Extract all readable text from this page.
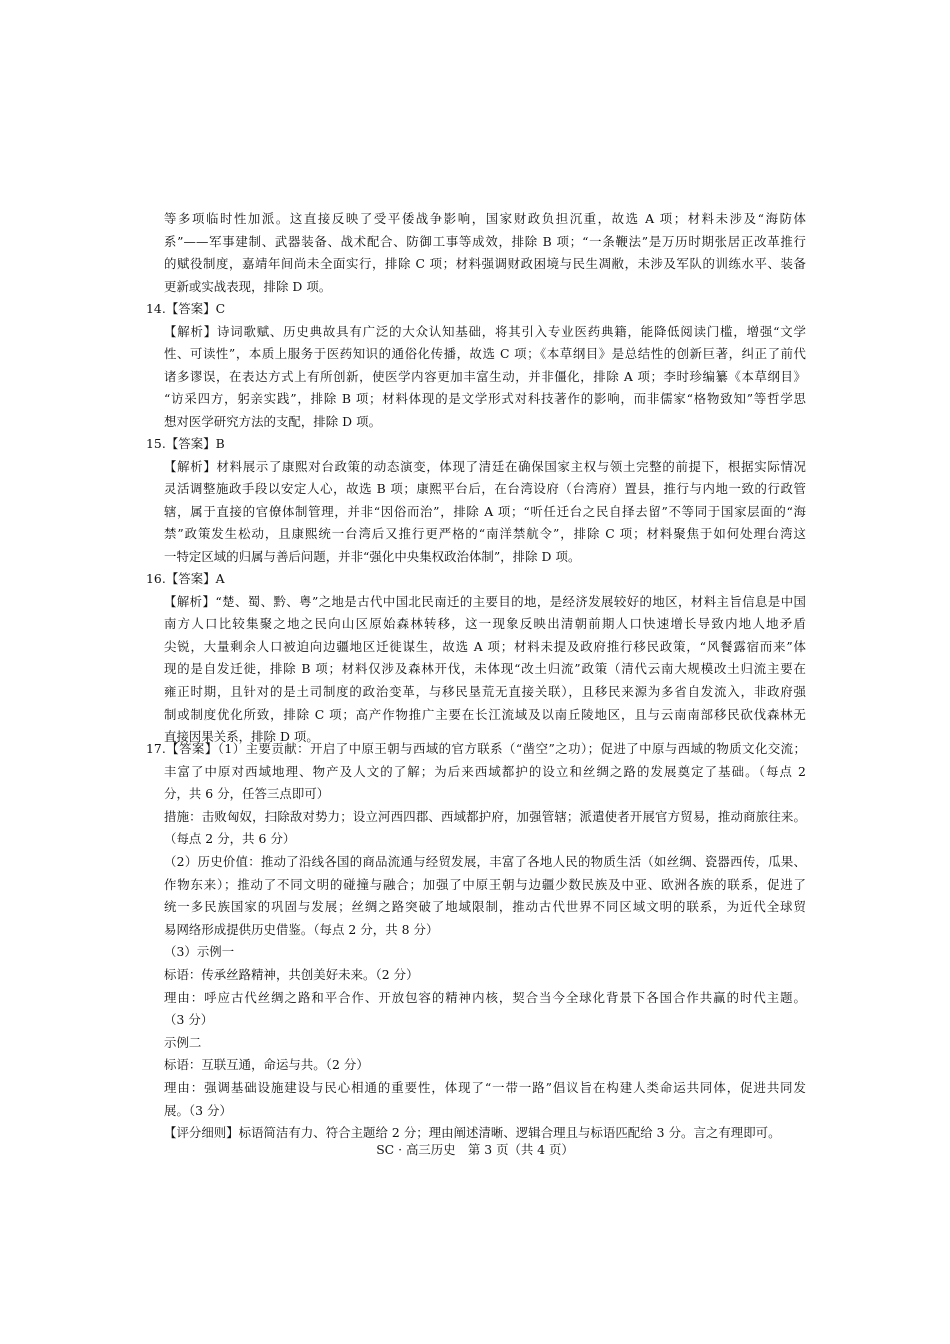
等多项临时性加派。这直接反映了受平倭战争影响，国家财政负担沉重，故选 A 项；材料未涉及“海防体
系”——军事建制、武器装备、战术配合、防御工事等成效，排除 B 项；“一条鞭法”是万历时期张居正改革推行
的赋役制度，嘉靖年间尚未全面实行，排除 C 项；材料强调财政困境与民生凋敝，未涉及军队的训练水平、装备
更新或实战表现，排除 D 项。
14.【答案】C
【解析】诗词歌赋、历史典故具有广泛的大众认知基础，将其引入专业医药典籍，能降低阅读门槛，增强“文学
性、可读性”，本质上服务于医药知识的通俗化传播，故选 C 项；《本草纲目》是总结性的创新巨著，纠正了前代
诸多谬误，在表达方式上有所创新，使医学内容更加丰富生动，并非僵化，排除 A 项；李时珍编纂《本草纲目》
“访采四方，躬亲实践”，排除 B 项；材料体现的是文学形式对科技著作的影响，而非儒家“格物致知”等哲学思
想对医学研究方法的支配，排除 D 项。
15.【答案】B
【解析】材料展示了康熙对台政策的动态演变，体现了清廷在确保国家主权与领土完整的前提下，根据实际情况
灵活调整施政手段以安定人心，故选 B 项；康熙平台后，在台湾设府（台湾府）置县，推行与内地一致的行政管
辖，属于直接的官僚体制管理，并非“因俗而治”，排除 A 项；“听任迁台之民自择去留”不等同于国家层面的“海
禁”政策发生松动，且康熙统一台湾后又推行更严格的“南洋禁航令”，排除 C 项；材料聚焦于如何处理台湾这
一特定区域的归属与善后问题，并非“强化中央集权政治体制”，排除 D 项。
16.【答案】A
【解析】“楚、蜀、黔、粤”之地是古代中国北民南迁的主要目的地，是经济发展较好的地区，材料主旨信息是中国
南方人口比较集聚之地之民向山区原始森林转移，这一现象反映出清朝前期人口快速增长导致内地人地矛盾
尖锐，大量剩余人口被迫向边疆地区迁徙谋生，故选 A 项；材料未提及政府推行移民政策，“风餐露宿而来”体
现的是自发迁徙，排除 B 项；材料仅涉及森林开伐，未体现“改土归流”政策（清代云南大规模改土归流主要在
雍正时期，且针对的是土司制度的政治变革，与移民垦荒无直接关联），且移民来源为多省自发流入，非政府强
制或制度优化所致，排除 C 项；高产作物推广主要在长江流域及以南丘陵地区，且与云南南部移民砍伐森林无
直接因果关系，排除 D 项。
17.【答案】（1）主要贡献：开启了中原王朝与西域的官方联系（“凿空”之功）；促进了中原与西域的物质文化交流；
丰富了中原对西域地理、物产及人文的了解；为后来西域都护的设立和丝绸之路的发展奠定了基础。（每点 2
分，共 6 分，任答三点即可）
措施：击败匈奴，扫除敌对势力；设立河西四郡、西域都护府，加强管辖；派遣使者开展官方贸易，推动商旅往来。
（每点 2 分，共 6 分）
（2）历史价值：推动了沿线各国的商品流通与经贸发展，丰富了各地人民的物质生活（如丝绸、瓷器西传，瓜果、
作物东来）；推动了不同文明的碰撞与融合；加强了中原王朝与边疆少数民族及中亚、欧洲各族的联系，促进了
统一多民族国家的巩固与发展；丝绸之路突破了地域限制，推动古代世界不同区域文明的联系，为近代全球贸
易网络形成提供历史借鉴。（每点 2 分，共 8 分）
（3）示例一
标语：传承丝路精神，共创美好未来。（2 分）
理由：呼应古代丝绸之路和平合作、开放包容的精神内核，契合当今全球化背景下各国合作共赢的时代主题。
（3 分）
示例二
标语：互联互通，命运与共。（2 分）
理由：强调基础设施建设与民心相通的重要性，体现了“一带一路”倡议旨在构建人类命运共同体，促进共同发
展。（3 分）
【评分细则】标语简洁有力、符合主题给 2 分；理由阐述清晰、逻辑合理且与标语匹配给 3 分。言之有理即可。
SC · 高三历史　第 3 页（共 4 页）
